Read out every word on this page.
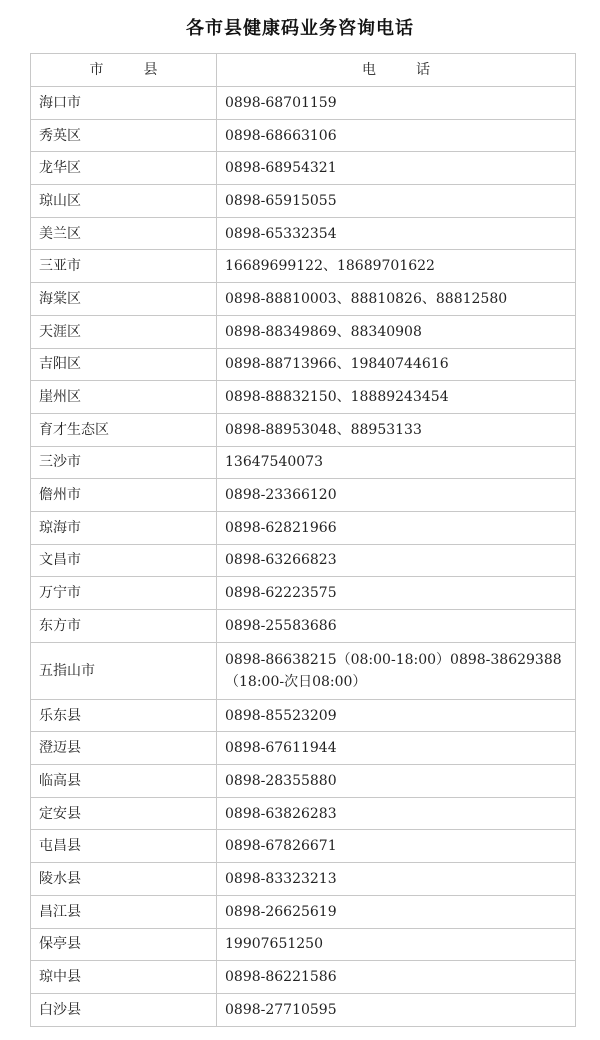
各市县健康码业务咨询电话
市 县	电 话
海口市	0898-68701159
秀英区	0898-68663106
龙华区	0898-68954321
琼山区	0898-65915055
美兰区	0898-65332354
三亚市	16689699122、18689701622
海棠区	0898-88810003、88810826、88812580
天涯区	0898-88349869、88340908
吉阳区	0898-88713966、19840744616
崖州区	0898-88832150、18889243454
育才生态区	0898-88953048、88953133
三沙市	13647540073
儋州市	0898-23366120
琼海市	0898-62821966
文昌市	0898-63266823
万宁市	0898-62223575
东方市	0898-25583686
五指山市	0898-86638215（08:00-18:00）0898-38629388（18:00-次日08:00）
乐东县	0898-85523209
澄迈县	0898-67611944
临高县	0898-28355880
定安县	0898-63826283
屯昌县	0898-67826671
陵水县	0898-83323213
昌江县	0898-26625619
保亭县	19907651250
琼中县	0898-86221586
白沙县	0898-27710595
